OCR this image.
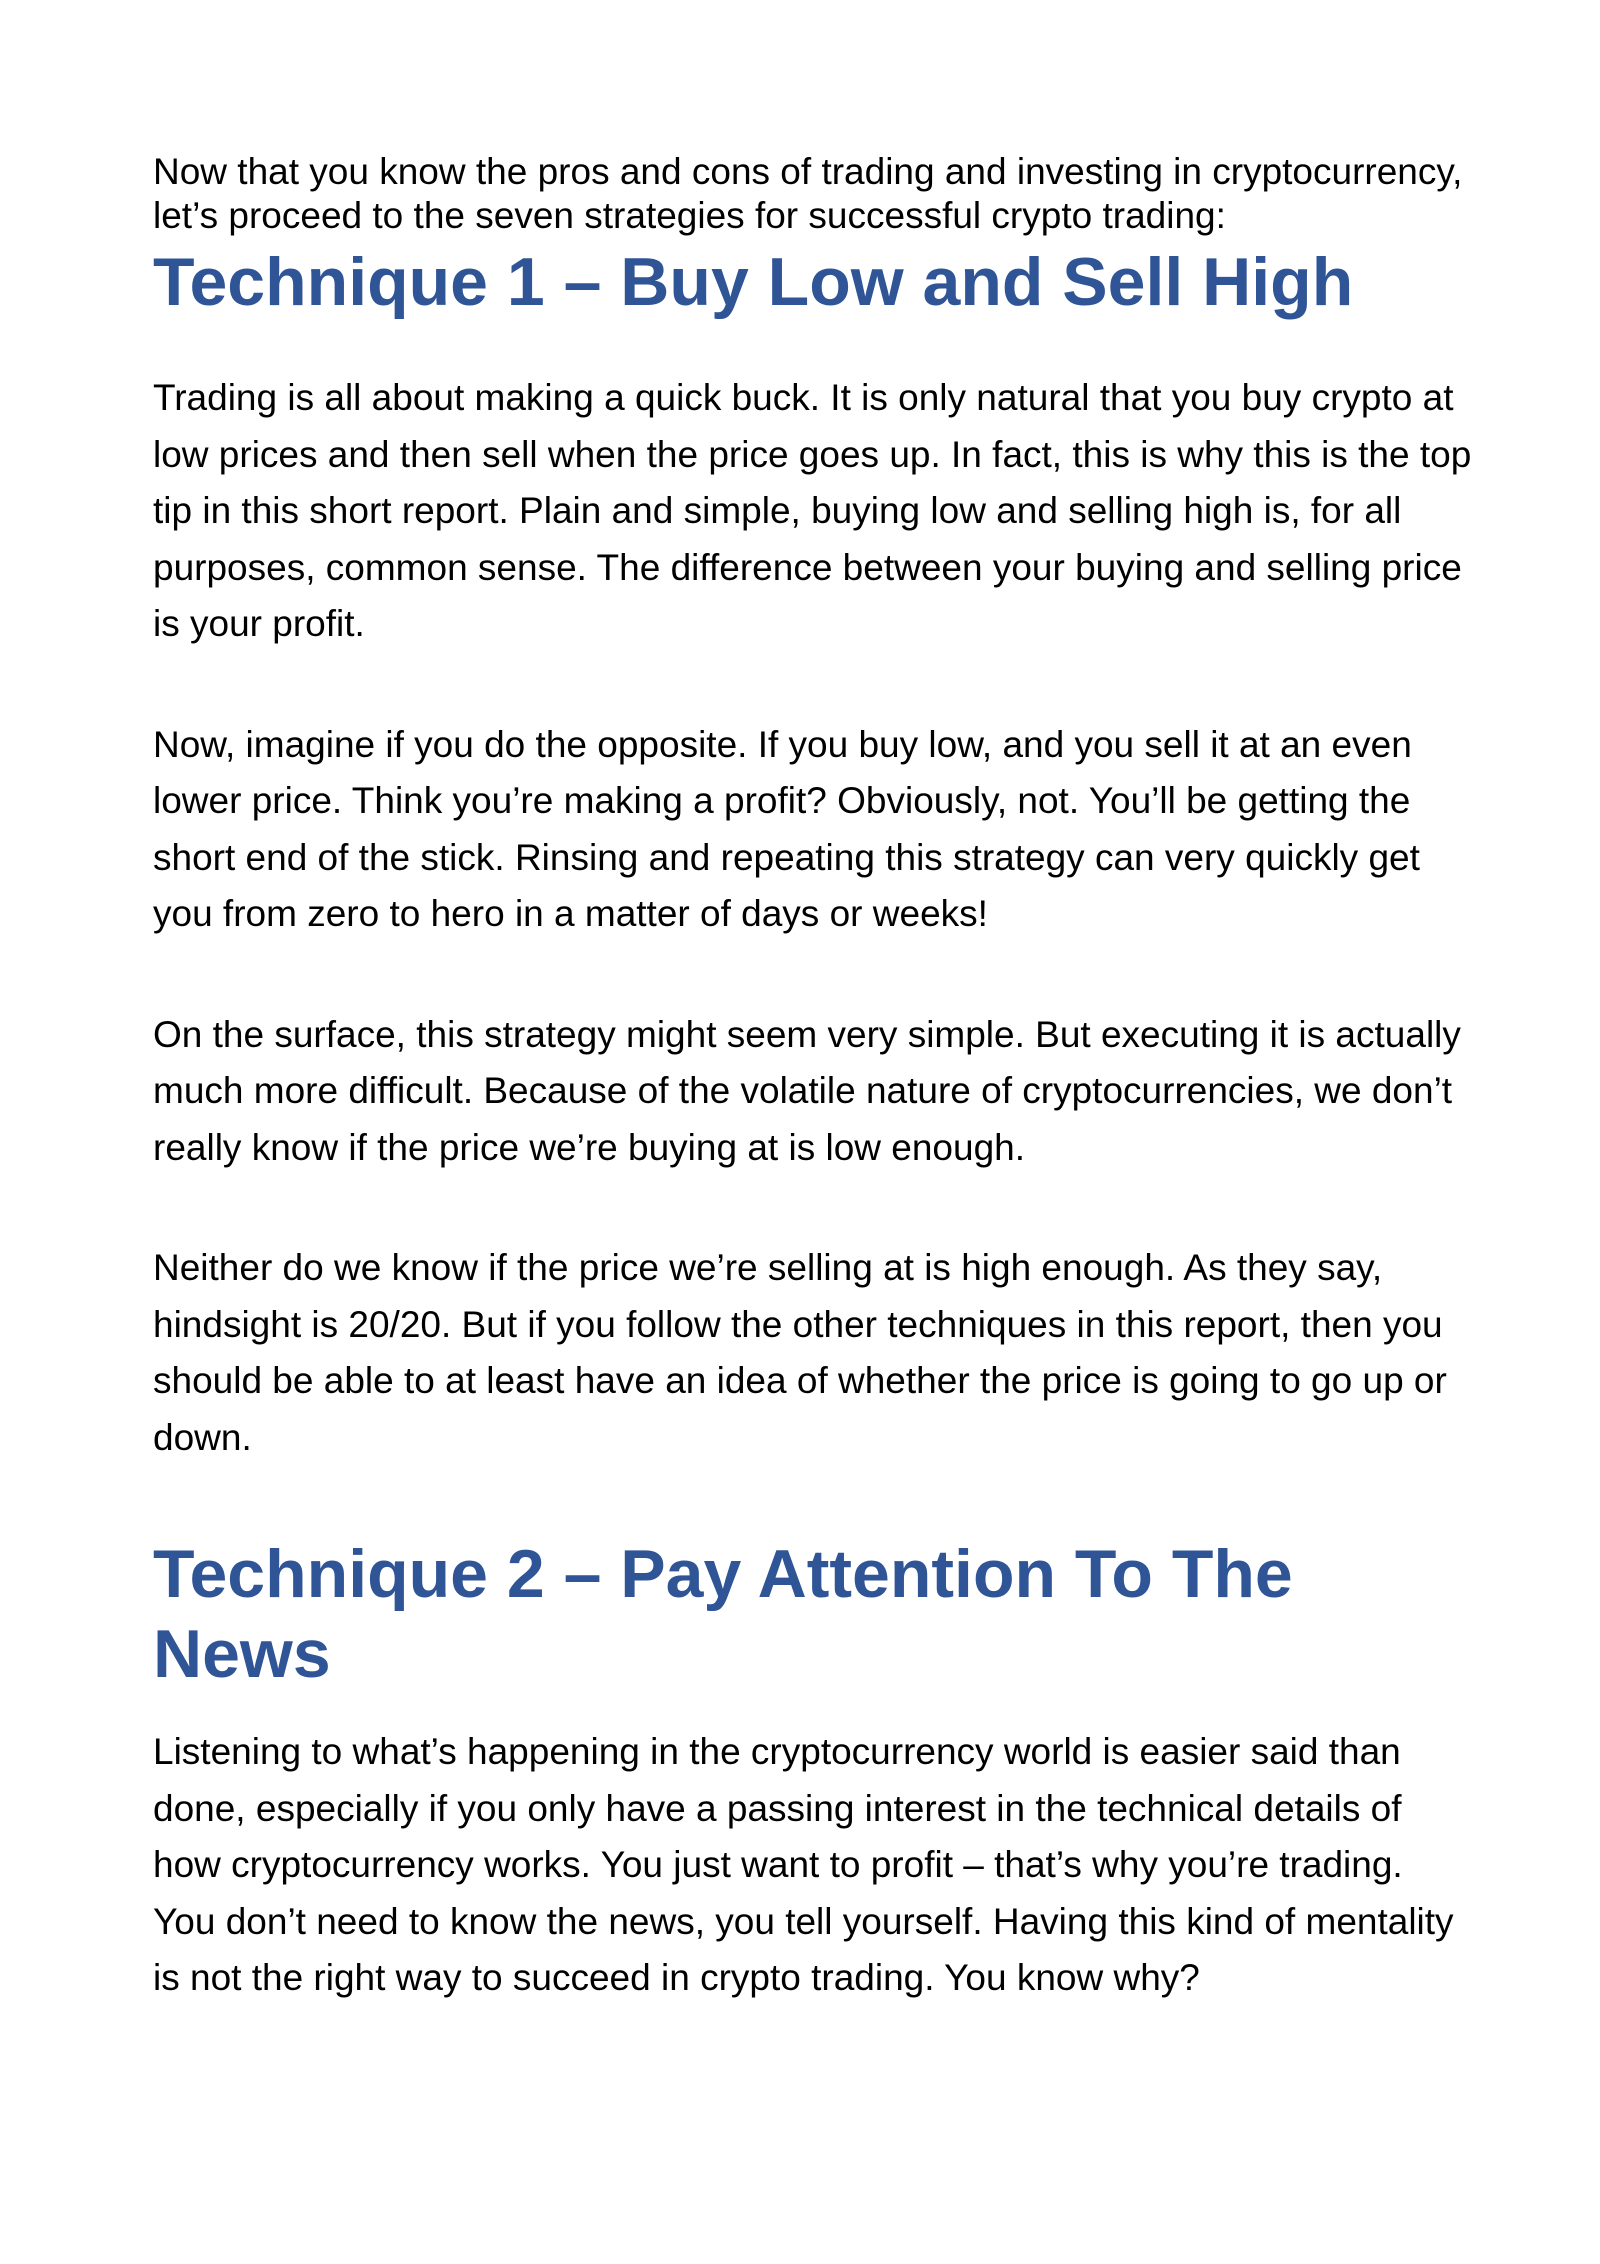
Now that you know the pros and cons of trading and investing in cryptocurrency, let’s proceed to the seven strategies for successful crypto trading:

Technique 1 – Buy Low and Sell High

Trading is all about making a quick buck. It is only natural that you buy crypto at low prices and then sell when the price goes up. In fact, this is why this is the top tip in this short report. Plain and simple, buying low and selling high is, for all purposes, common sense. The difference between your buying and selling price is your profit.

Now, imagine if you do the opposite. If you buy low, and you sell it at an even lower price. Think you’re making a profit? Obviously, not. You’ll be getting the short end of the stick. Rinsing and repeating this strategy can very quickly get you from zero to hero in a matter of days or weeks!

On the surface, this strategy might seem very simple. But executing it is actually much more difficult. Because of the volatile nature of cryptocurrencies, we don’t really know if the price we’re buying at is low enough.

Neither do we know if the price we’re selling at is high enough. As they say, hindsight is 20/20. But if you follow the other techniques in this report, then you should be able to at least have an idea of whether the price is going to go up or down.

Technique 2 – Pay Attention To The News

Listening to what’s happening in the cryptocurrency world is easier said than done, especially if you only have a passing interest in the technical details of how cryptocurrency works. You just want to profit – that’s why you’re trading. You don’t need to know the news, you tell yourself. Having this kind of mentality is not the right way to succeed in crypto trading. You know why?
